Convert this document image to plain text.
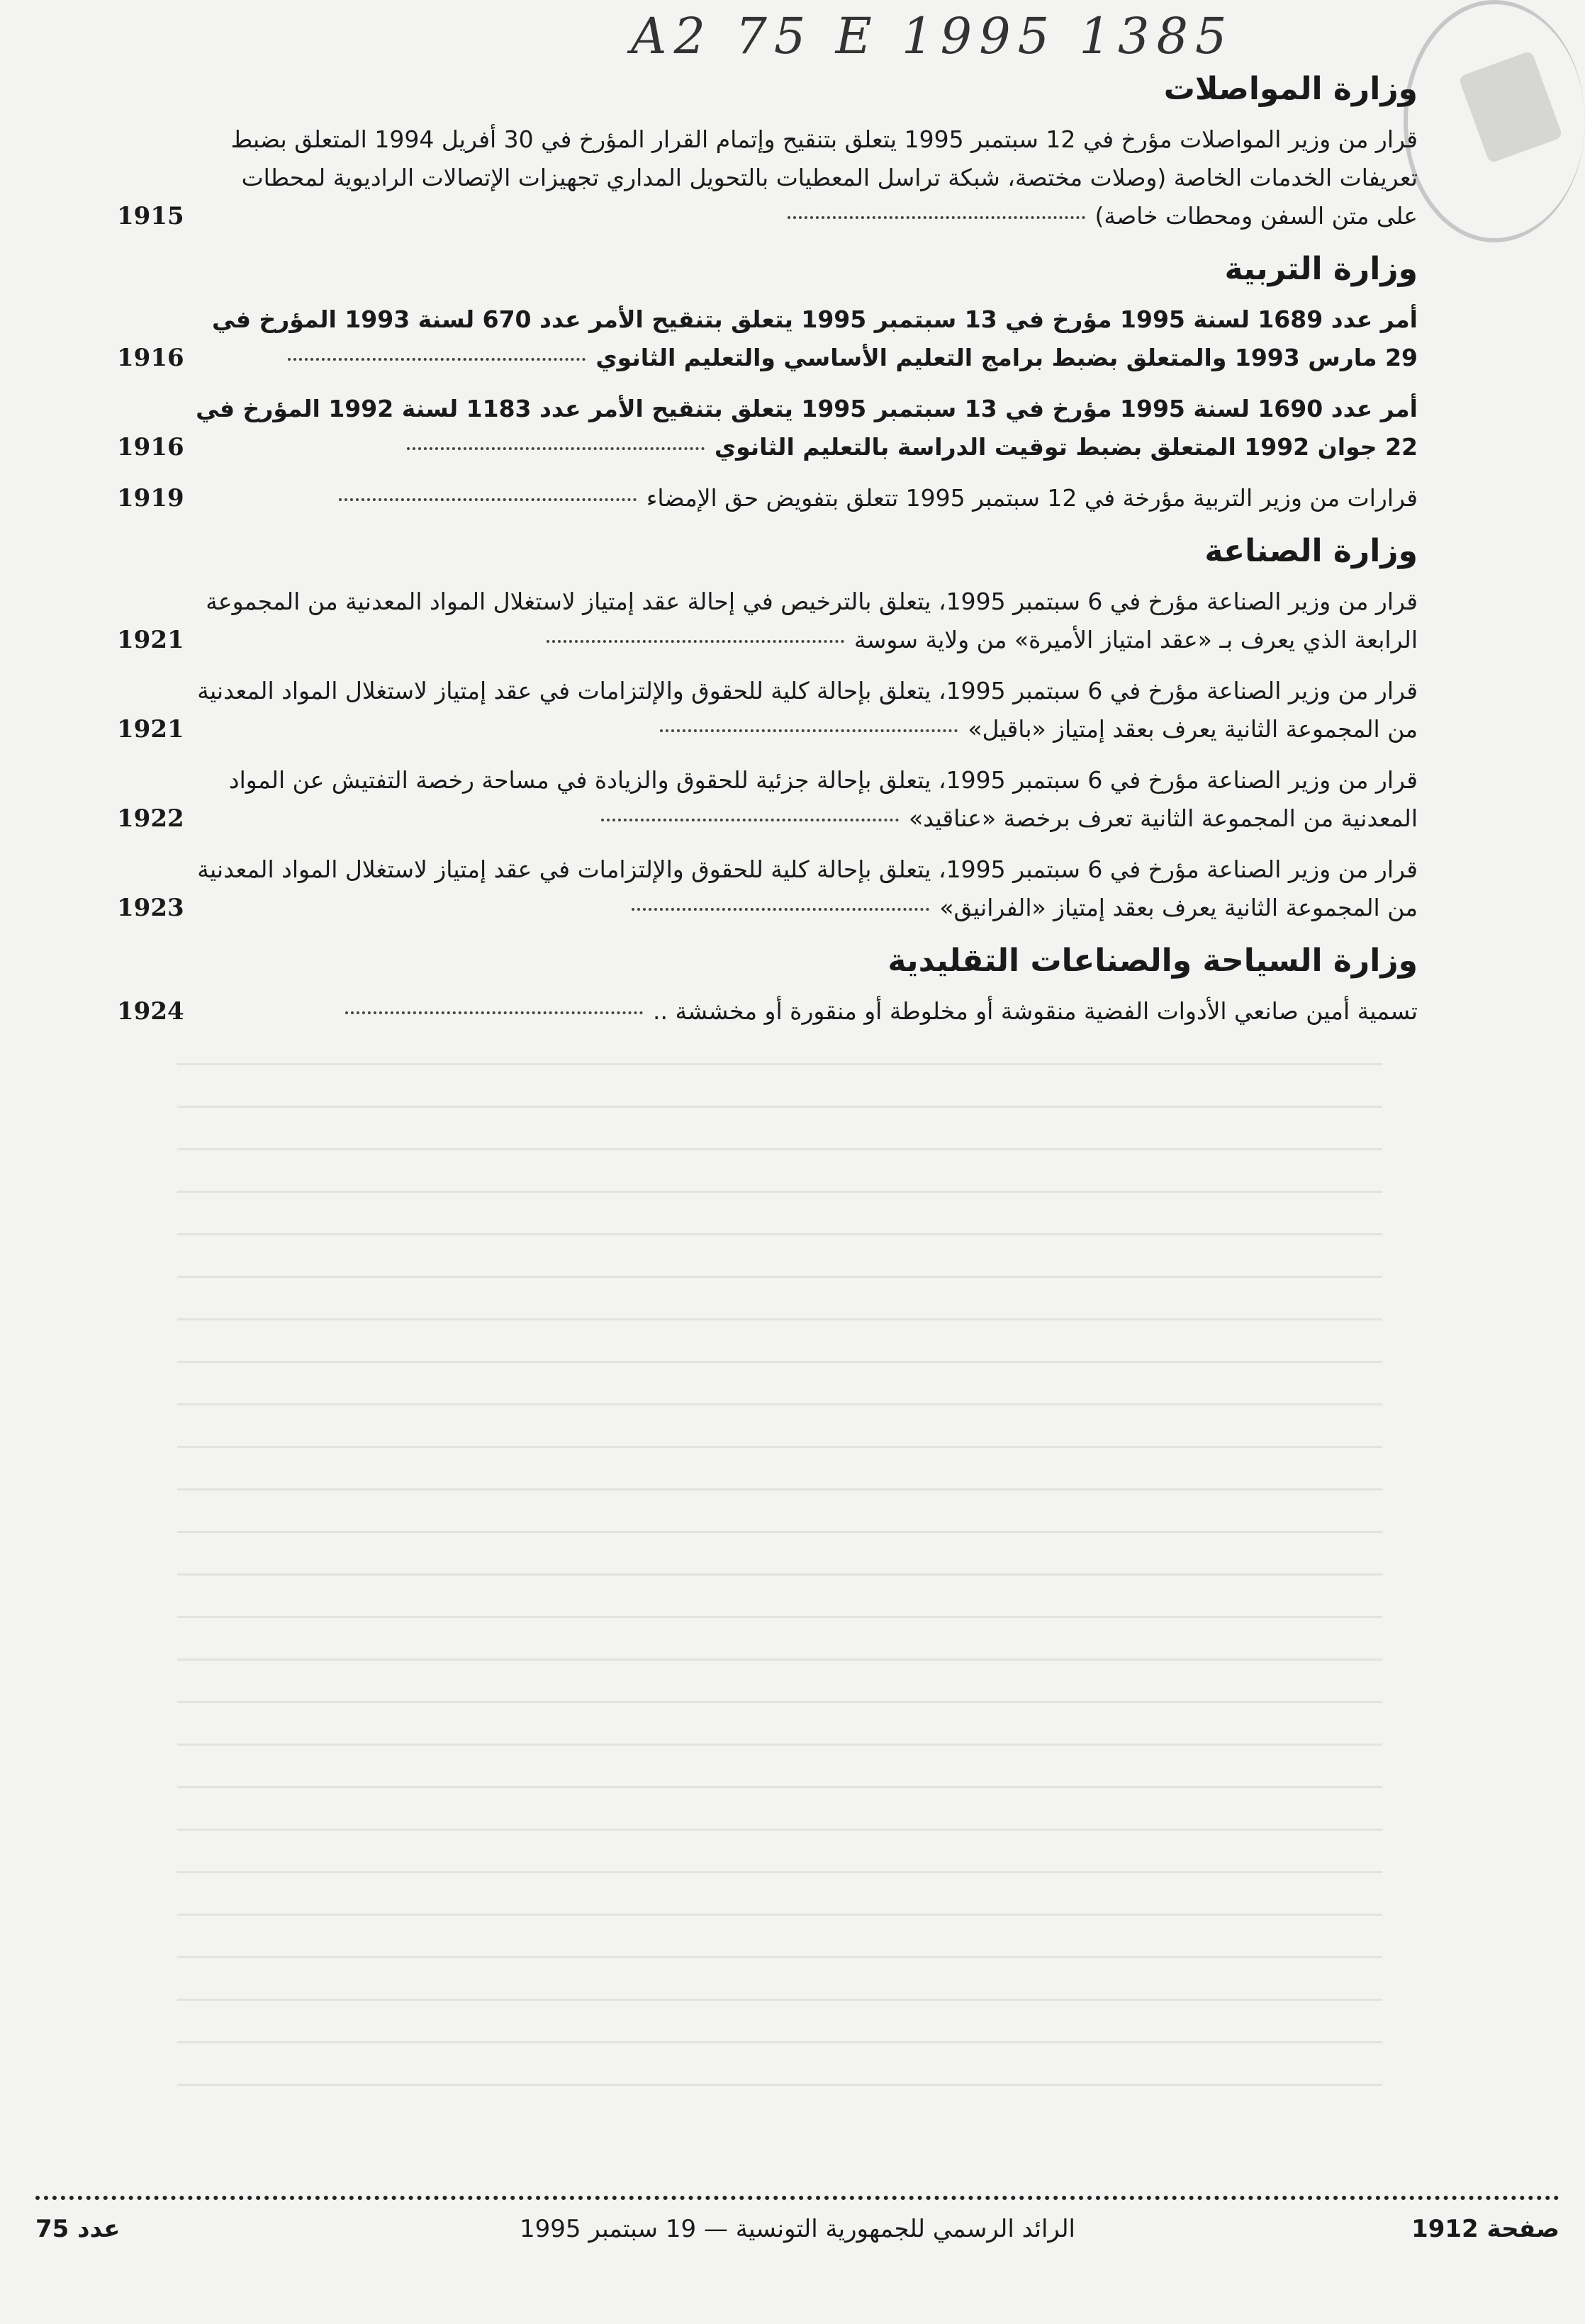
A2 75 E 1995 1385
وزارة المواصلات
قرار من وزير المواصلات مؤرخ في 12 سبتمبر 1995 يتعلق بتنقيح وإتمام القرار المؤرخ في 30 أفريل 1994 المتعلق بضبط تعريفات الخدمات الخاصة (وصلات مختصة، شبكة تراسل المعطيات بالتحويل المداري تجهيزات الإتصالات الراديوية لمحطات على متن السفن ومحطات خاصة)
1915
وزارة التربية
أمر عدد 1689 لسنة 1995 مؤرخ في 13 سبتمبر 1995 يتعلق بتنقيح الأمر عدد 670 لسنة 1993 المؤرخ في 29 مارس 1993 والمتعلق بضبط برامج التعليم الأساسي والتعليم الثانوي
1916
أمر عدد 1690 لسنة 1995 مؤرخ في 13 سبتمبر 1995 يتعلق بتنقيح الأمر عدد 1183 لسنة 1992 المؤرخ في 22 جوان 1992 المتعلق بضبط توقيت الدراسة بالتعليم الثانوي
1916
قرارات من وزير التربية مؤرخة في 12 سبتمبر 1995 تتعلق بتفويض حق الإمضاء
1919
وزارة الصناعة
قرار من وزير الصناعة مؤرخ في 6 سبتمبر 1995، يتعلق بالترخيص في إحالة عقد إمتياز لاستغلال المواد المعدنية من المجموعة الرابعة الذي يعرف بـ «عقد امتياز الأميرة» من ولاية سوسة
1921
قرار من وزير الصناعة مؤرخ في 6 سبتمبر 1995، يتعلق بإحالة كلية للحقوق والإلتزامات في عقد إمتياز لاستغلال المواد المعدنية من المجموعة الثانية يعرف بعقد إمتياز «باقيل»
1921
قرار من وزير الصناعة مؤرخ في 6 سبتمبر 1995، يتعلق بإحالة جزئية للحقوق والزيادة في مساحة رخصة التفتيش عن المواد المعدنية من المجموعة الثانية تعرف برخصة «عناقيد»
1922
قرار من وزير الصناعة مؤرخ في 6 سبتمبر 1995، يتعلق بإحالة كلية للحقوق والإلتزامات في عقد إمتياز لاستغلال المواد المعدنية من المجموعة الثانية يعرف بعقد إمتياز «الفرانيق»
1923
وزارة السياحة والصناعات التقليدية
تسمية أمين صانعي الأدوات الفضية منقوشة أو مخلوطة أو منقورة أو مخششة ..
1924
صفحة 1912
الرائد الرسمي للجمهورية التونسية — 19 سبتمبر 1995
عدد 75
